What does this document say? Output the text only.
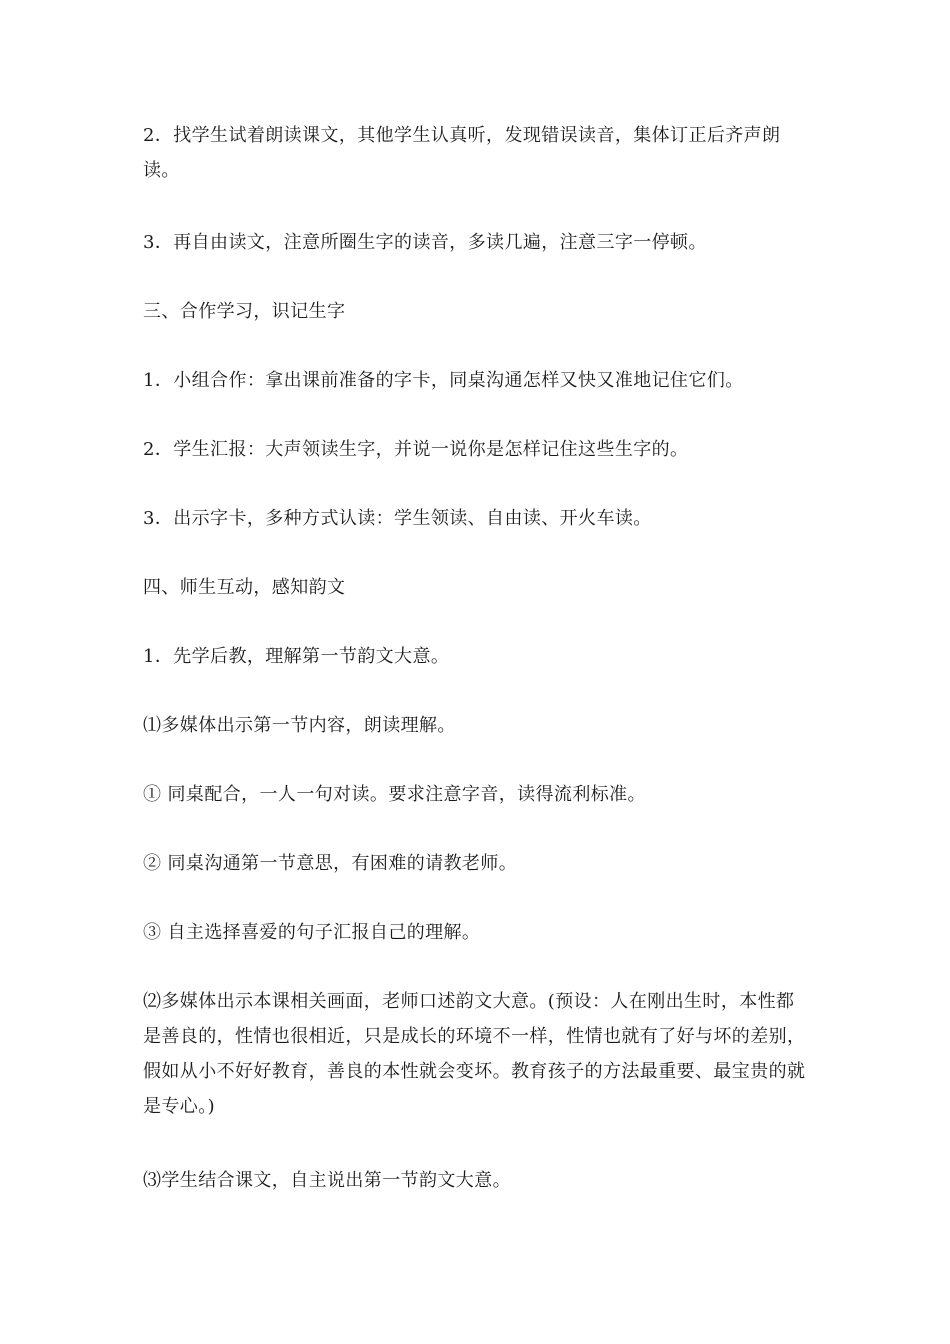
2．找学生试着朗读课文，其他学生认真听，发现错误读音，集体订正后齐声朗读。

3．再自由读文，注意所圈生字的读音，多读几遍，注意三字一停顿。

三、合作学习，识记生字

1．小组合作：拿出课前准备的字卡，同桌沟通怎样又快又准地记住它们。

2．学生汇报：大声领读生字，并说一说你是怎样记住这些生字的。

3．出示字卡，多种方式认读：学生领读、自由读、开火车读。

四、师生互动，感知韵文

1．先学后教，理解第一节韵文大意。

⑴多媒体出示第一节内容，朗读理解。

① 同桌配合，一人一句对读。要求注意字音，读得流利标准。

② 同桌沟通第一节意思，有困难的请教老师。

③ 自主选择喜爱的句子汇报自己的理解。

⑵多媒体出示本课相关画面，老师口述韵文大意。(预设：人在刚出生时，本性都是善良的，性情也很相近，只是成长的环境不一样，性情也就有了好与坏的差别，假如从小不好好教育，善良的本性就会变坏。教育孩子的方法最重要、最宝贵的就是专心。)

⑶学生结合课文，自主说出第一节韵文大意。
